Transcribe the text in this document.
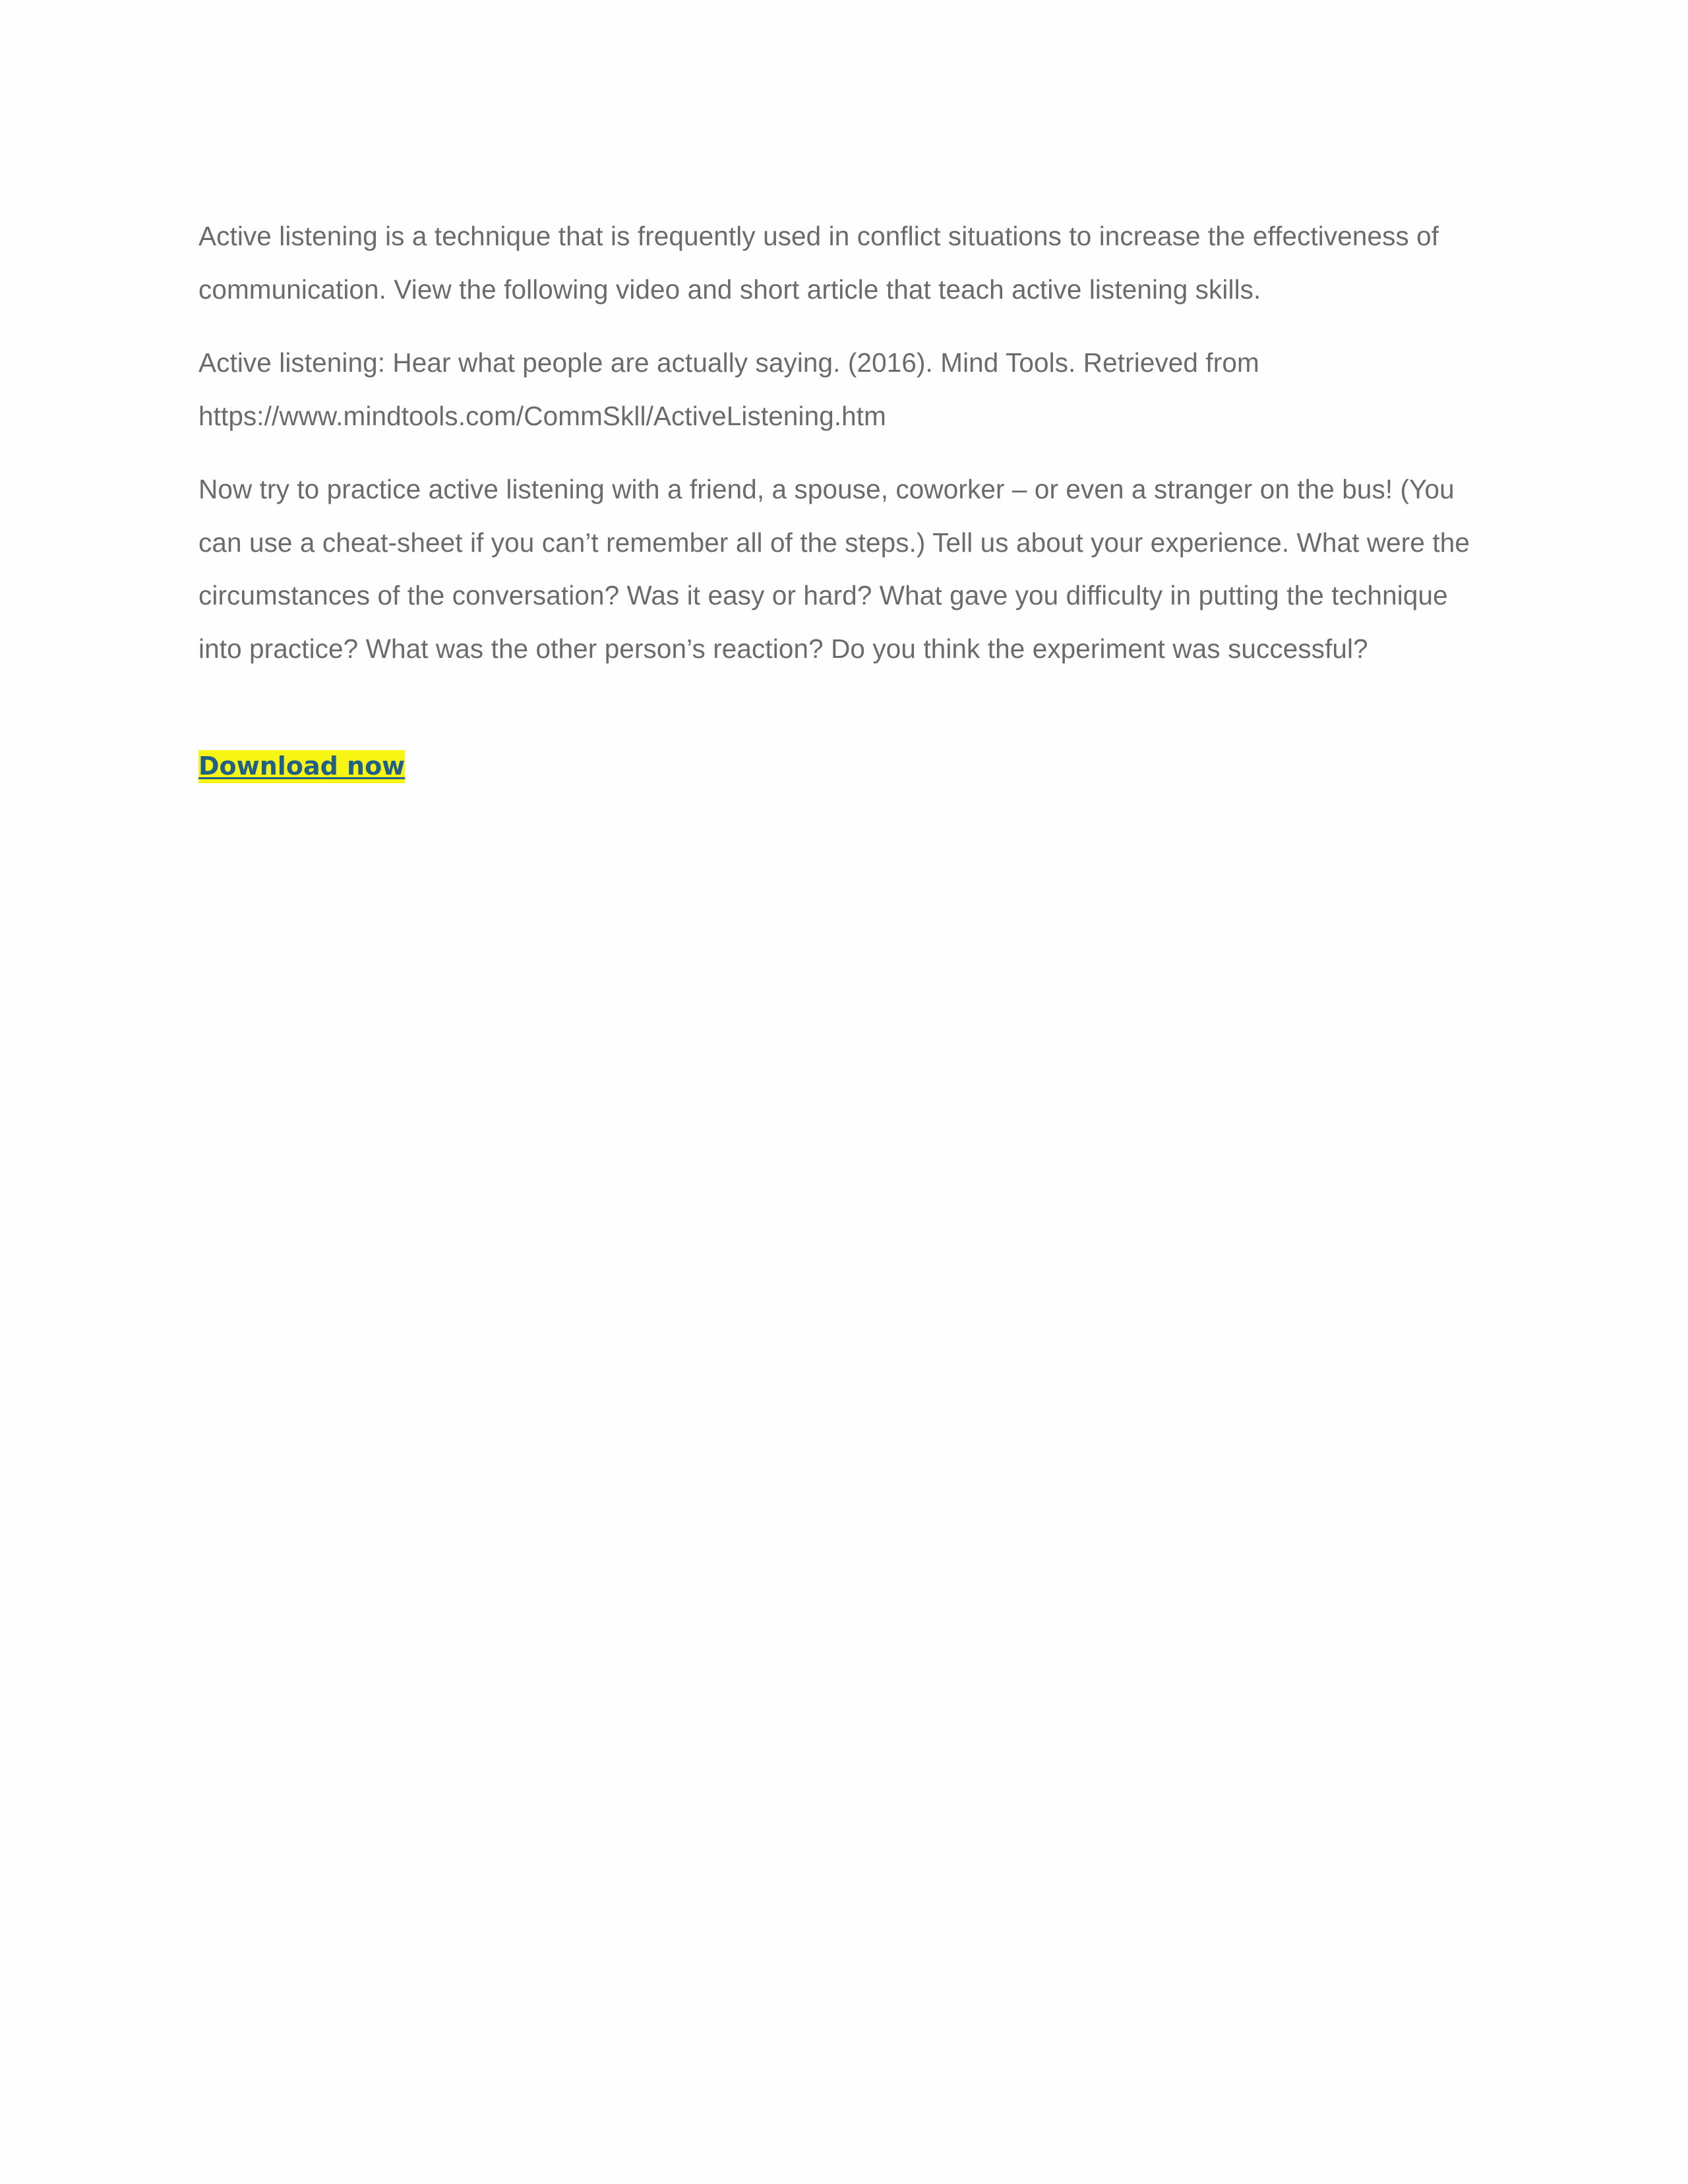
Active listening is a technique that is frequently used in conflict situations to increase the effectiveness of communication. View the following video and short article that teach active listening skills.

Active listening: Hear what people are actually saying. (2016). Mind Tools. Retrieved from
https://www.mindtools.com/CommSkll/ActiveListening.htm

Now try to practice active listening with a friend, a spouse, coworker – or even a stranger on the bus! (You can use a cheat-sheet if you can’t remember all of the steps.) Tell us about your experience. What were the circumstances of the conversation? Was it easy or hard? What gave you difficulty in putting the technique into practice? What was the other person’s reaction? Do you think the experiment was successful?

Download now
